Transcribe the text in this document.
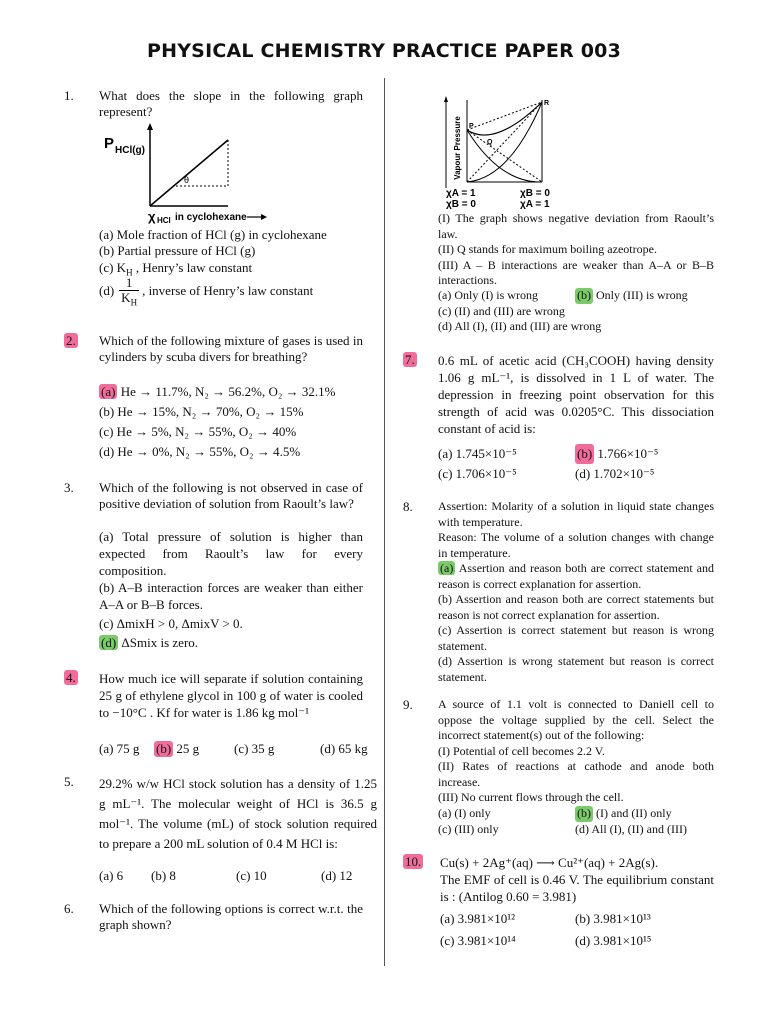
PHYSICAL CHEMISTRY PRACTICE PAPER 003
1. What does the slope in the following graph represent?
P HCl(g)
θ
χ HCl in cyclohexane
(a) Mole fraction of HCl (g) in cyclohexane
(b) Partial pressure of HCl (g)
(c) $K_H$ , Henry’s law constant
$(d) \frac{1}{K_H}$ , inverse of Henry’s law constant
2. Which of the following mixture of gases is used in cylinders by scuba divers for breathing?
(a) He → 11.7%, N₂ → 56.2%, O₂ → 32.1%
(b) He → 15%, N₂ → 70%, O₂ → 15%
(c) He → 5%, N₂ → 55%, O₂ → 40%
(d) He → 0%, N₂ → 55%, O₂ → 4.5%
3. Which of the following is not observed in case of positive deviation of solution from Raoult’s law?
(a) Total pressure of solution is higher than expected from Raoult’s law for every composition.
(b) A–B interaction forces are weaker than either A–A or B–B forces.
(c) ΔmixH > 0, ΔmixV > 0.
(d) ΔSmix is zero.
4. How much ice will separate if solution containing 25 g of ethylene glycol in 100 g of water is cooled to −10°C . Kf for water is 1.86 kg mol⁻¹
(a) 75 g	(b) 25 g	(c) 35 g	(d) 65 kg
5. 29.2% w/w HCl stock solution has a density of 1.25 g mL⁻¹. The molecular weight of HCl is 36.5 g mol⁻¹. The volume (mL) of stock solution required to prepare a 200 mL solution of 0.4 M HCl is:
(a) 6	(b) 8	(c) 10	(d) 12
6. Which of the following options is correct w.r.t. the graph shown?
Vapour Pressure P
Q
R
χA = 1
χB = 0
χB = 0
χA = 1
(I) The graph shows negative deviation from Raoult’s law.
(II) Q stands for maximum boiling azeotrope.
(III) A – B interactions are weaker than A–A or B–B interactions.
(a) Only (I) is wrong	(b) Only (III) is wrong
(c) (II) and (III) are wrong
(d) All (I), (II) and (III) are wrong
7. 0.6 mL of acetic acid (CH₃COOH) having density 1.06 g mL⁻¹, is dissolved in 1 L of water. The depression in freezing point observation for this strength of acid was 0.0205°C. This dissociation constant of acid is:
(a) 1.745×10⁻⁵	(b) 1.766×10⁻⁵
(c) 1.706×10⁻⁵	(d) 1.702×10⁻⁵
8. Assertion: Molarity of a solution in liquid state changes with temperature.
Reason: The volume of a solution changes with change in temperature.
(a) Assertion and reason both are correct statement and reason is correct explanation for assertion.
(b) Assertion and reason both are correct statements but reason is not correct explanation for assertion.
(c) Assertion is correct statement but reason is wrong statement.
(d) Assertion is wrong statement but reason is correct statement.
9. A source of 1.1 volt is connected to Daniell cell to oppose the voltage supplied by the cell. Select the incorrect statement(s) out of the following:
(I) Potential of cell becomes 2.2 V.
(II) Rates of reactions at cathode and anode both increase.
(III) No current flows through the cell.
(a) (I) only	(b) (I) and (II) only
(c) (III) only	(d) All (I), (II) and (III)
10. Cu(s) + 2Ag⁺(aq) ⟶ Cu²⁺(aq) + 2Ag(s).
The EMF of cell is 0.46 V. The equilibrium constant is : (Antilog 0.60 = 3.981)
(a) 3.981×10¹²	(b) 3.981×10¹³
(c) 3.981×10¹⁴	(d) 3.981×10¹⁵
